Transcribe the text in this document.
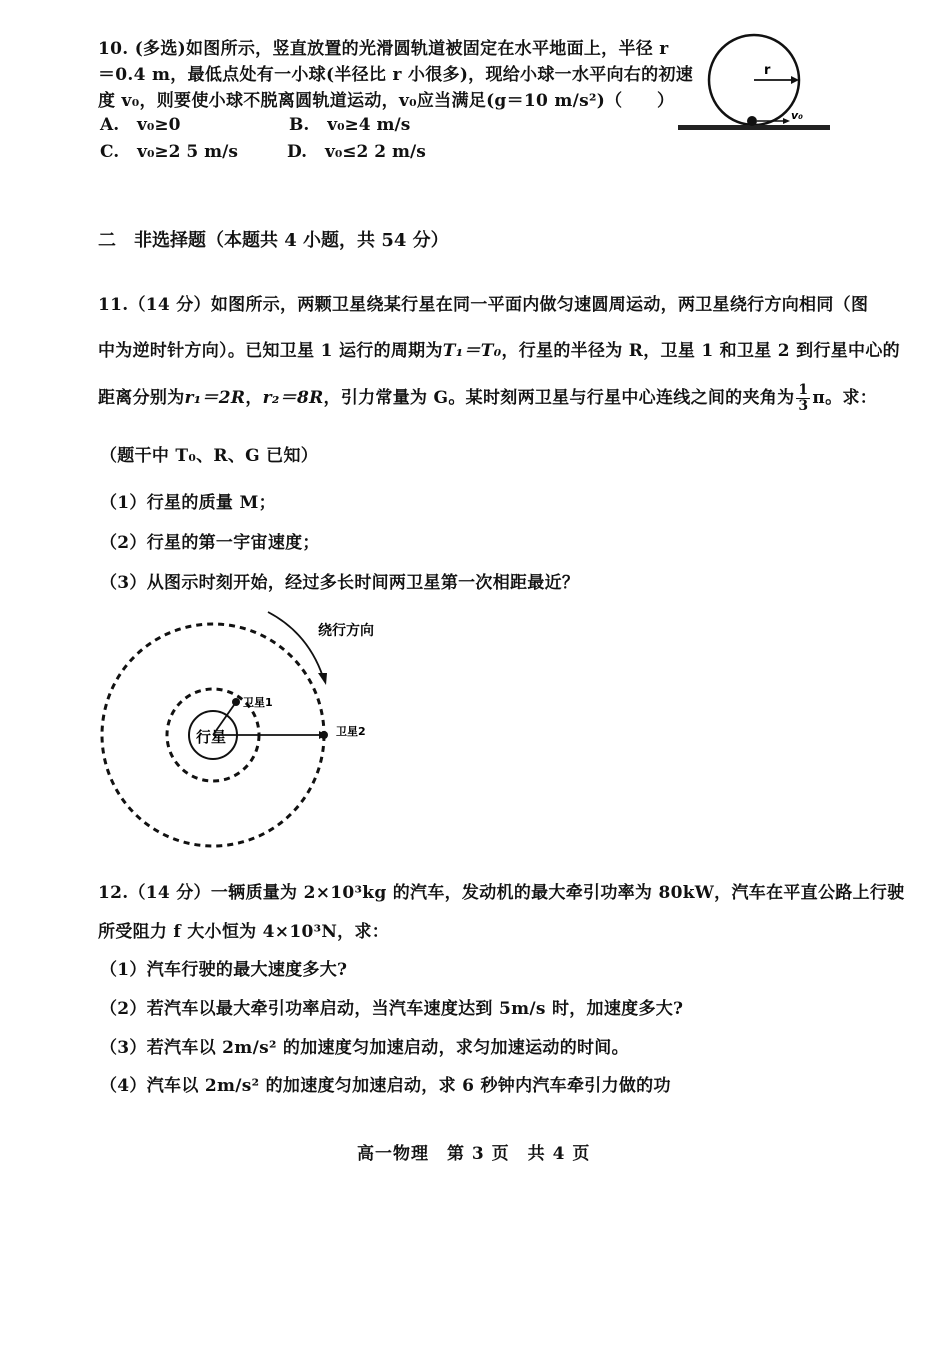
10. (多选)如图所示，竖直放置的光滑圆轨道被固定在水平地面上，半径 r
＝0.4 m，最低点处有一小球(半径比 r 小很多)，现给小球一水平向右的初速
度 v₀，则要使小球不脱离圆轨道运动，v₀应当满足(g＝10 m/s²)（　　）
A. v₀≥0	B. v₀≥4 m/s
C. v₀≥2 5 m/s	D. v₀≤2 2 m/s
r
v₀
二　非选择题（本题共 4 小题，共 54 分）
11.（14 分）如图所示，两颗卫星绕某行星在同一平面内做匀速圆周运动，两卫星绕行方向相同（图
中为逆时针方向）。已知卫星 1 运行的周期为T₁＝T₀，行星的半径为 R，卫星 1 和卫星 2 到行星中心的
距离分别为r₁＝2R，r₂＝8R，引力常量为 G。某时刻两卫星与行星中心连线之间的夹角为 $\frac{1}{3}$ π。求：
（题干中 T₀、R、G 已知）
（1）行星的质量 M；
（2）行星的第一宇宙速度；
（3）从图示时刻开始，经过多长时间两卫星第一次相距最近？
行星
卫星1
卫星2
绕行方向
12.（14 分）一辆质量为 2×10³kg 的汽车，发动机的最大牵引功率为 80kW，汽车在平直公路上行驶
所受阻力 f 大小恒为 4×10³N，求：
（1）汽车行驶的最大速度多大?
（2）若汽车以最大牵引功率启动，当汽车速度达到 5m/s 时，加速度多大?
（3）若汽车以 2m/s² 的加速度匀加速启动，求匀加速运动的时间。
（4）汽车以 2m/s² 的加速度匀加速启动，求 6 秒钟内汽车牵引力做的功
高一物理　第 3 页　共 4 页
